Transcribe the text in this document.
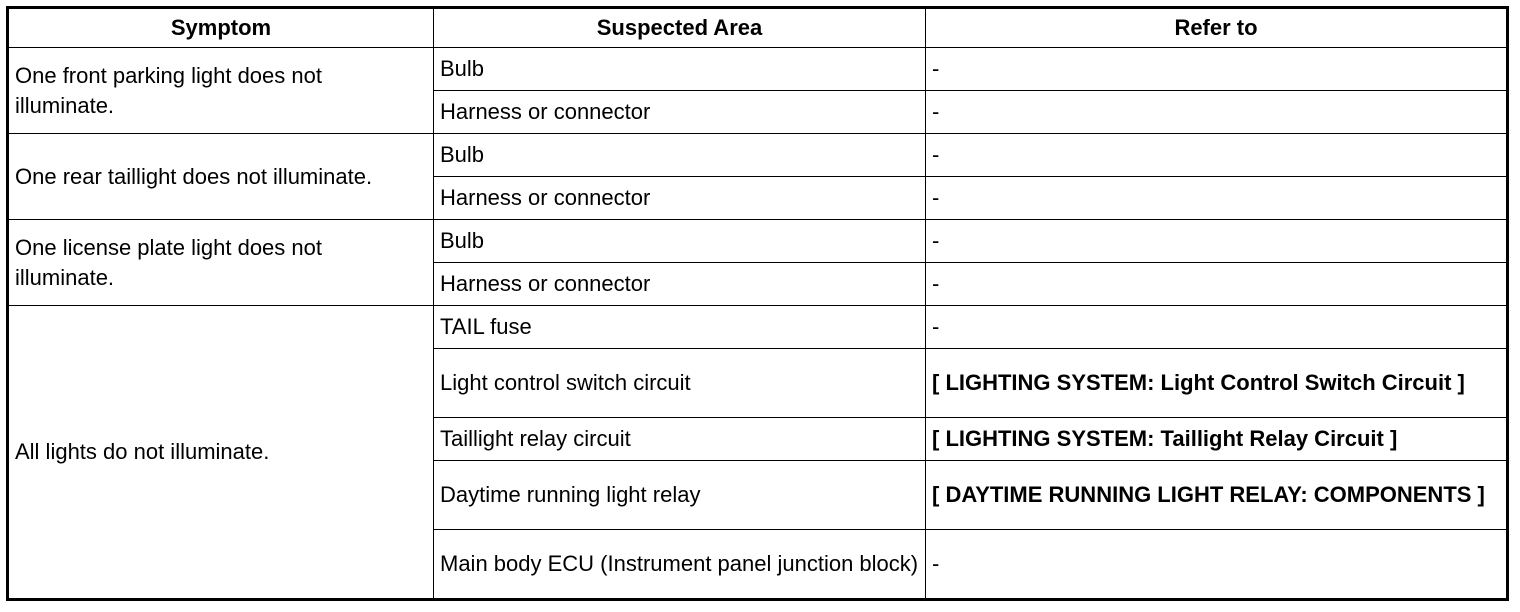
Symptom	Suspected Area	Refer to
One front parking light does not illuminate.	Bulb	-
	Harness or connector	-
One rear taillight does not illuminate.	Bulb	-
	Harness or connector	-
One license plate light does not illuminate.	Bulb	-
	Harness or connector	-
All lights do not illuminate.	TAIL fuse	-
	Light control switch circuit	[ LIGHTING SYSTEM: Light Control Switch Circuit ]
	Taillight relay circuit	[ LIGHTING SYSTEM: Taillight Relay Circuit ]
	Daytime running light relay	[ DAYTIME RUNNING LIGHT RELAY: COMPONENTS ]
	Main body ECU (Instrument panel junction block)	-
